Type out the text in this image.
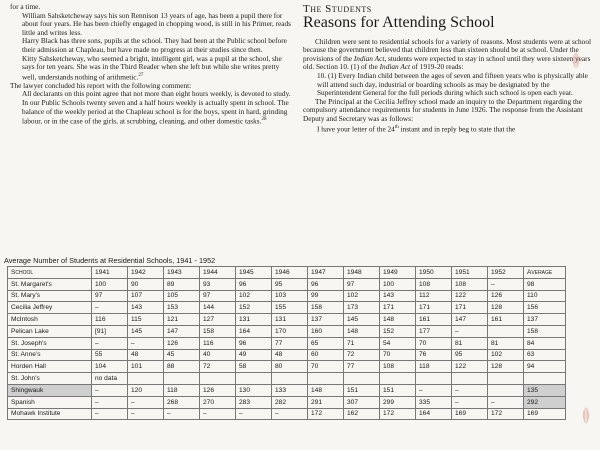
for a time.

William Sahsketcheway says his son Rennison 13 years of age, has been a pupil there for about four years. He has been chiefly engaged in chopping wood, is still in his Primer, reads little and writes less.

Harry Black has three sons, pupils at the school. They had been at the Public school before their admission at Chapleau, but have made no progress at their studies since then.

Kitty Sahsketcheway, who seemed a bright, intelligent girl, was a pupil at the school, she says for ten years. She was in the Third Reader when she left but while she writes pretty well, understands nothing of arithmetic.$^{27}$

The lawyer concluded his report with the following comment:

All declarants on this point agree that not more than eight hours weekly, is devoted to study. In our Public Schools twenty seven and a half hours weekly is actually spent in school. The balance of the weekly period at the Chapleau school is for the boys, spent in hard, grinding labour, or in the case of the girls, at scrubbing, cleaning, and other domestic tasks.$^{28}$

The Students
Reasons for Attending School

Children were sent to residential schools for a variety of reasons. Most students were at school because the government believed that children less than sixteen should be at school. Under the provisions of the Indian Act, students were expected to stay in school until they were sixteen years old. Section 10. (1) of the Indian Act of 1919-20 reads:

10. (1) Every Indian child between the ages of seven and fifteen years who is physically able will attend such day, industrial or boarding schools as may be designated by the Superintendent General for the full periods during which such school is open each year.

The Principal at the Cecilia Jeffrey school made an inquiry to the Department regarding the compulsory attendance requirements for students in June 1926. The response from the Assistant Deputy and Secretary was as follows:

I have your letter of the 24th instant and in reply beg to state that the

Average Number of Students at Residential Schools, 1941 - 1952
School	1941	1942	1943	1944	1945	1946	1947	1948	1949	1950	1951	1952	Average
St. Margaret's	100	90	89	93	96	95	96	97	100	108	108	–	98
St. Mary's	97	107	105	97	102	103	99	102	143	112	122	126	110
Cecilia Jeffrey	–	143	153	144	152	155	158	173	171	171	171	128	156
McIntosh	116	115	121	127	131	131	137	145	148	161	147	161	137
Pelican Lake	[91]	145	147	158	164	170	160	148	152	177	–		158
St. Joseph's	–	–	126	116	96	77	65	71	54	70	81	81	84
St. Anne's	55	48	45	40	49	48	60	72	70	76	95	102	63
Horden Hall	104	101	88	72	58	80	70	77	108	118	122	128	94
St. John's	no data												
Shingwauk	–	120	118	126	130	133	148	151	151	–	–		135
Spanish	–	–	268	270	283	282	291	307	299	335	–	–	292
Mohawk Institute	–	–	–	–	–	–	172	162	172	164	169	172	169
